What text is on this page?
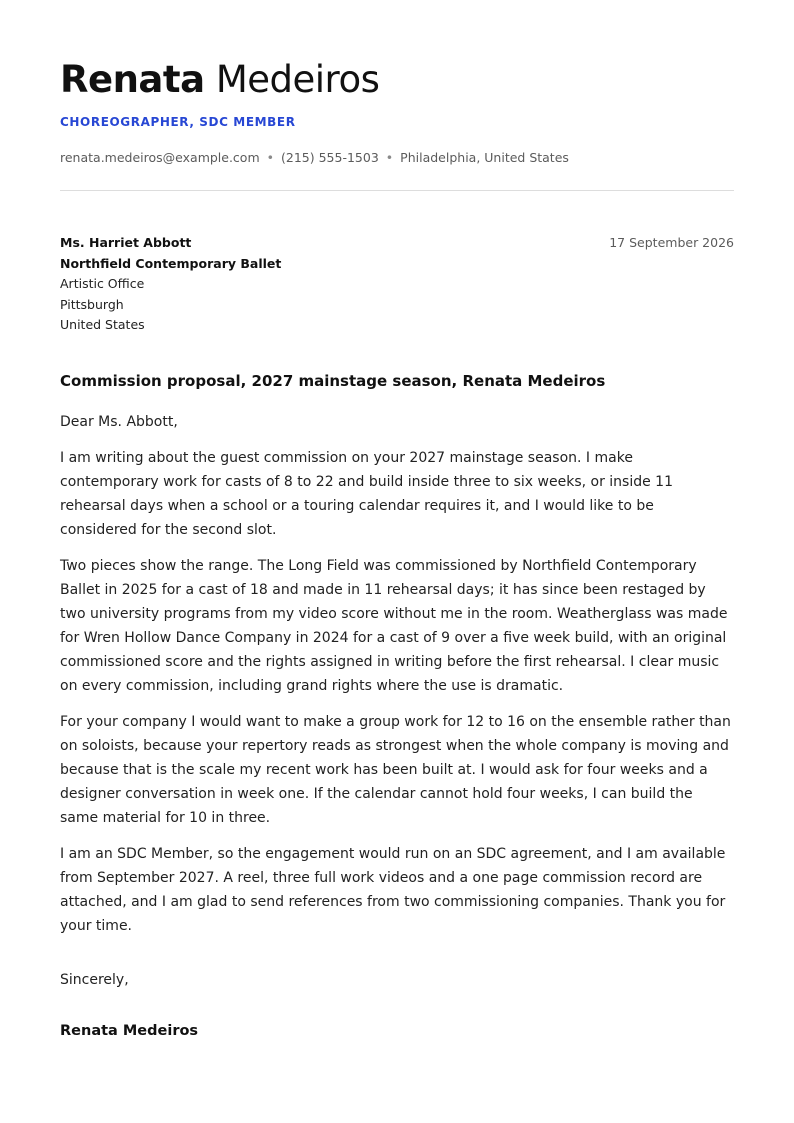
Renata Medeiros
CHOREOGRAPHER, SDC MEMBER
renata.medeiros@example.com • (215) 555-1503 • Philadelphia, United States
Ms. Harriet Abbott
Northfield Contemporary Ballet
Artistic Office
Pittsburgh
United States
17 September 2026
Commission proposal, 2027 mainstage season, Renata Medeiros
Dear Ms. Abbott,

I am writing about the guest commission on your 2027 mainstage season. I make contemporary work for casts of 8 to 22 and build inside three to six weeks, or inside 11 rehearsal days when a school or a touring calendar requires it, and I would like to be considered for the second slot.

Two pieces show the range. The Long Field was commissioned by Northfield Contemporary Ballet in 2025 for a cast of 18 and made in 11 rehearsal days; it has since been restaged by two university programs from my video score without me in the room. Weatherglass was made for Wren Hollow Dance Company in 2024 for a cast of 9 over a five week build, with an original commissioned score and the rights assigned in writing before the first rehearsal. I clear music on every commission, including grand rights where the use is dramatic.

For your company I would want to make a group work for 12 to 16 on the ensemble rather than on soloists, because your repertory reads as strongest when the whole company is moving and because that is the scale my recent work has been built at. I would ask for four weeks and a designer conversation in week one. If the calendar cannot hold four weeks, I can build the same material for 10 in three.

I am an SDC Member, so the engagement would run on an SDC agreement, and I am available from September 2027. A reel, three full work videos and a one page commission record are attached, and I am glad to send references from two commissioning companies. Thank you for your time.

Sincerely,
Renata Medeiros
